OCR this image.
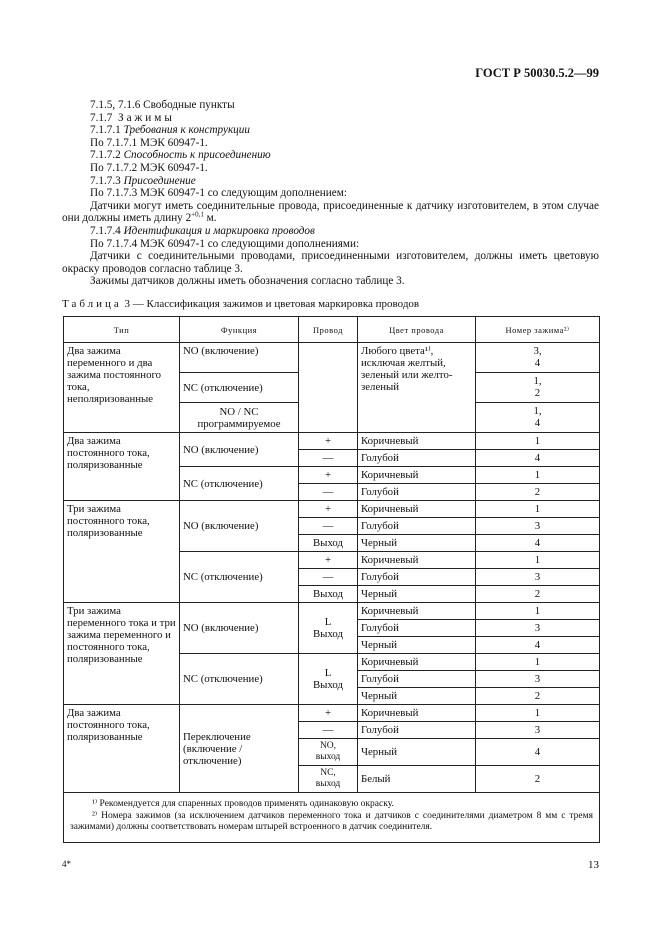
ГОСТ Р 50030.5.2—99

7.1.5, 7.1.6 Свободные пункты

7.1.7 Зажимы

7.1.7.1 Требования к конструкции

По 7.1.7.1 МЭК 60947-1.

7.1.7.2 Способность к присоединению

По 7.1.7.2 МЭК 60947-1.

7.1.7.3 Присоединение

По 7.1.7.3 МЭК 60947-1 со следующим дополнением:

Датчики могут иметь соединительные провода, присоединенные к датчику изготовителем, в этом случае они должны иметь длину $2^{+0,1}$ м.

7.1.7.4 Идентификация и маркировка проводов

По 7.1.7.4 МЭК 60947-1 со следующими дополнениями:

Датчики с соединительными проводами, присоединенными изготовителем, должны иметь цветовую окраску проводов согласно таблице 3.

Зажимы датчиков должны иметь обозначения согласно таблице 3.

Таблица 3 — Классификация зажимов и цветовая маркировка проводов
Тип	Функция	Провод	Цвет провода	Номер зажима²⁾
Два зажима переменного и два зажима постоянного тока, неполяризованные	NO (включение)		Любого цвета¹⁾, исключая желтый, зеленый или желто-зеленый	3,
4
	NC (отключение)			1,
2
	NO / NC программируемое			1,
4
Два зажима постоянного тока, поляризованные	NO (включение)	+	Коричневый	1
		—	Голубой	4
	NC (отключение)	+	Коричневый	1
		—	Голубой	2
Три зажима постоянного тока, поляризованные	NO (включение)	+	Коричневый	1
		—	Голубой	3
		Выход	Черный	4
	NC (отключение)	+	Коричневый	1
		—	Голубой	3
		Выход	Черный	2
Три зажима переменного тока и три зажима переменного и постоянного тока, поляризованные	NO (включение)	L
Выход	Коричневый	1
			Голубой	3
			Черный	4
	NC (отключение)	L
Выход	Коричневый	1
			Голубой	3
			Черный	2
Два зажима постоянного тока, поляризованные	Переключение (включение / отключение)	+	Коричневый	1
		—	Голубой	3
		NO,
выход	Черный	4
		NC,
выход	Белый	2

¹⁾ Рекомендуется для спаренных проводов применять одинаковую окраску.

²⁾ Номера зажимов (за исключением датчиков переменного тока и датчиков с соединителями диаметром 8 мм с тремя зажимами) должны соответствовать номерам штырей встроенного в датчик соединителя.				

4*	13
